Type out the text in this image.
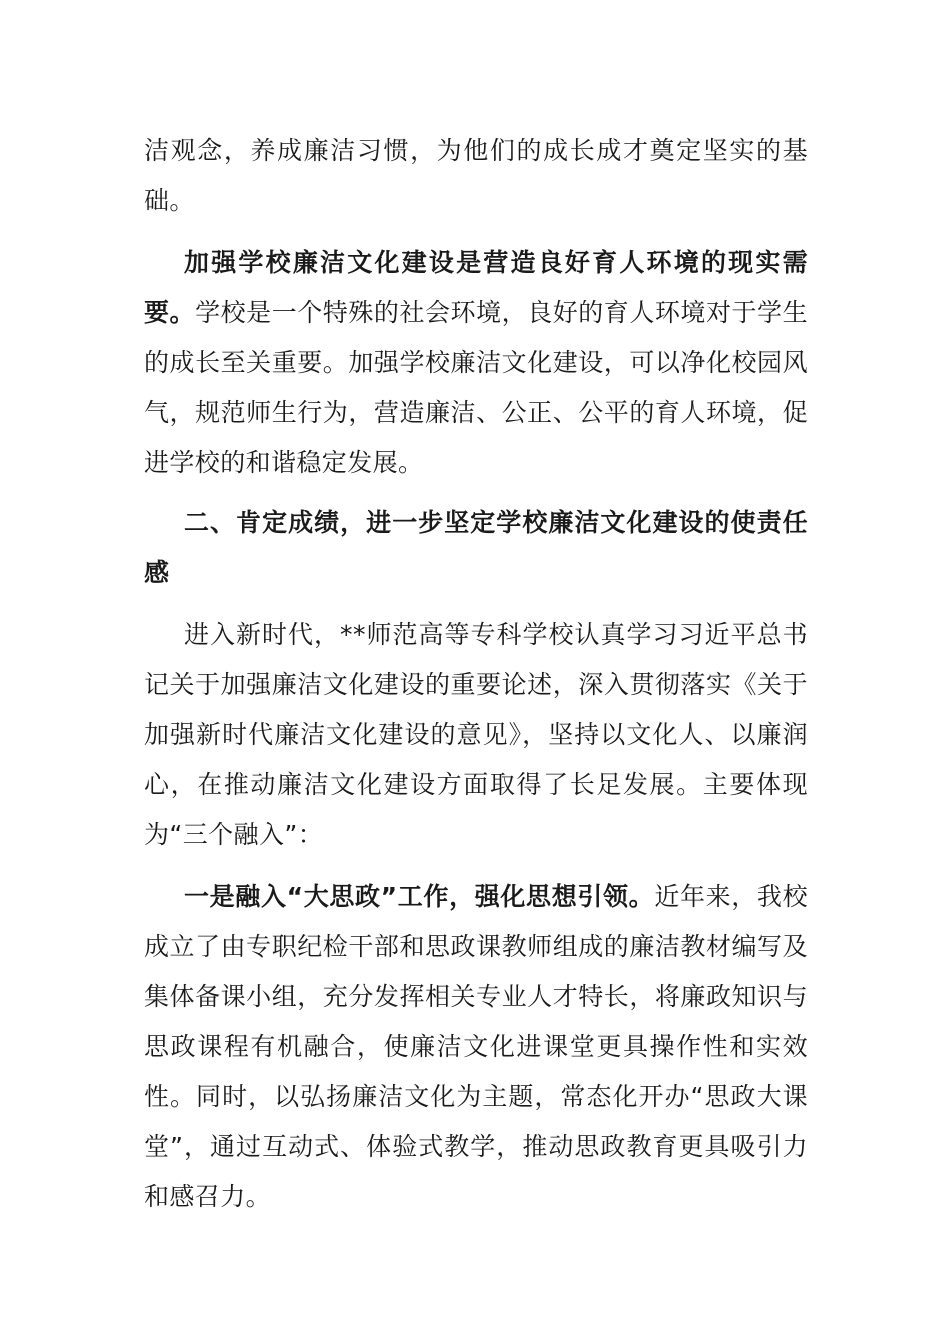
洁观念，养成廉洁习惯，为他们的成长成才奠定坚实的基础。

加强学校廉洁文化建设是营造良好育人环境的现实需要。学校是一个特殊的社会环境，良好的育人环境对于学生的成长至关重要。加强学校廉洁文化建设，可以净化校园风气，规范师生行为，营造廉洁、公正、公平的育人环境，促进学校的和谐稳定发展。

二、肯定成绩，进一步坚定学校廉洁文化建设的使责任感

进入新时代，**师范高等专科学校认真学习习近平总书记关于加强廉洁文化建设的重要论述，深入贯彻落实《关于加强新时代廉洁文化建设的意见》，坚持以文化人、以廉润心，在推动廉洁文化建设方面取得了长足发展。主要体现为“三个融入”：

一是融入“大思政”工作，强化思想引领。近年来，我校成立了由专职纪检干部和思政课教师组成的廉洁教材编写及集体备课小组，充分发挥相关专业人才特长，将廉政知识与思政课程有机融合，使廉洁文化进课堂更具操作性和实效性。同时，以弘扬廉洁文化为主题，常态化开办“思政大课堂”，通过互动式、体验式教学，推动思政教育更具吸引力和感召力。
